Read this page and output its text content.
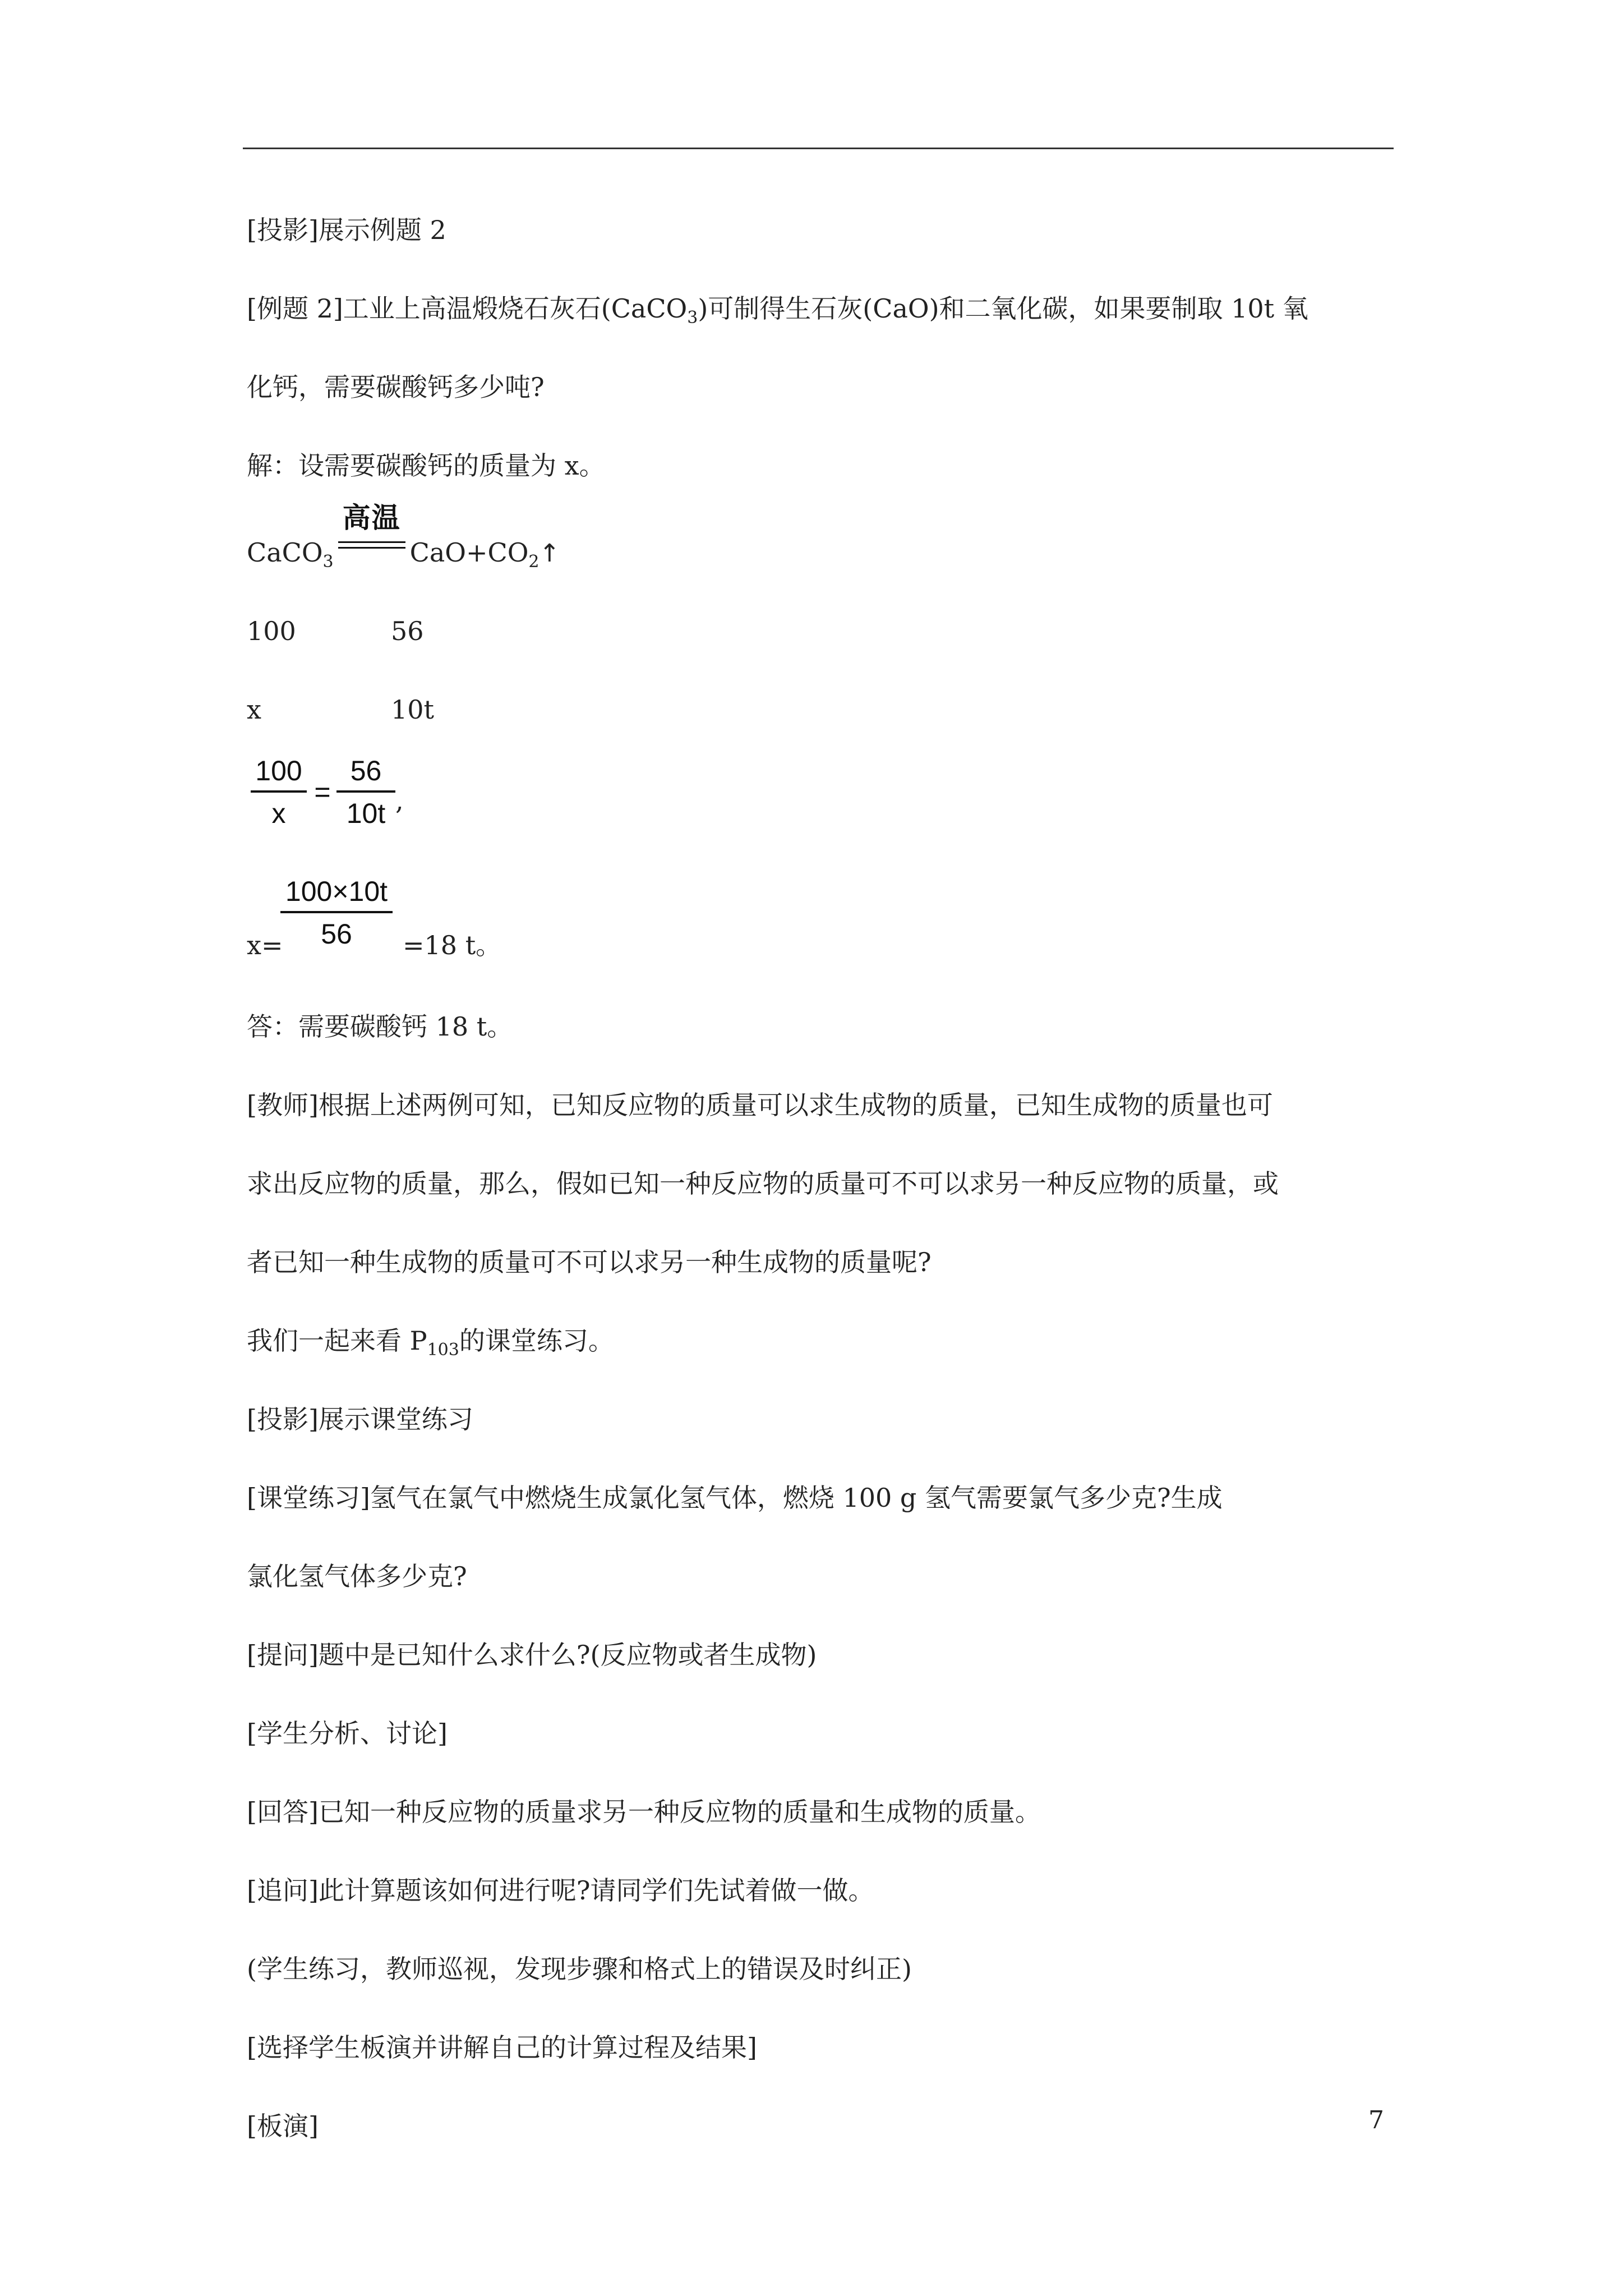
[投影]展示例题 2
[例题 2]工业上高温煅烧石灰石(CaCO$_3$)可制得生石灰(CaO)和二氧化碳，如果要制取 10t 氧
化钙，需要碳酸钙多少吨?
解：设需要碳酸钙的质量为 x。
CaCO$_3$
高温
$CaO+CO_2↑$
100	56
x	10t
100
x
=
56
10t ,
x=
100×10t
56	=18 t。
答：需要碳酸钙 18 t。
[教师]根据上述两例可知，已知反应物的质量可以求生成物的质量，已知生成物的质量也可
求出反应物的质量，那么，假如已知一种反应物的质量可不可以求另一种反应物的质量，或
者已知一种生成物的质量可不可以求另一种生成物的质量呢?
我们一起来看 $P_{103}$的课堂练习。
[投影]展示课堂练习
[课堂练习]氢气在氯气中燃烧生成氯化氢气体，燃烧 100 g 氢气需要氯气多少克?生成
氯化氢气体多少克?
[提问]题中是已知什么求什么?(反应物或者生成物)
[学生分析、讨论]
[回答]已知一种反应物的质量求另一种反应物的质量和生成物的质量。
[追问]此计算题该如何进行呢?请同学们先试着做一做。
(学生练习，教师巡视，发现步骤和格式上的错误及时纠正)
[选择学生板演并讲解自己的计算过程及结果]
[板演]	7
